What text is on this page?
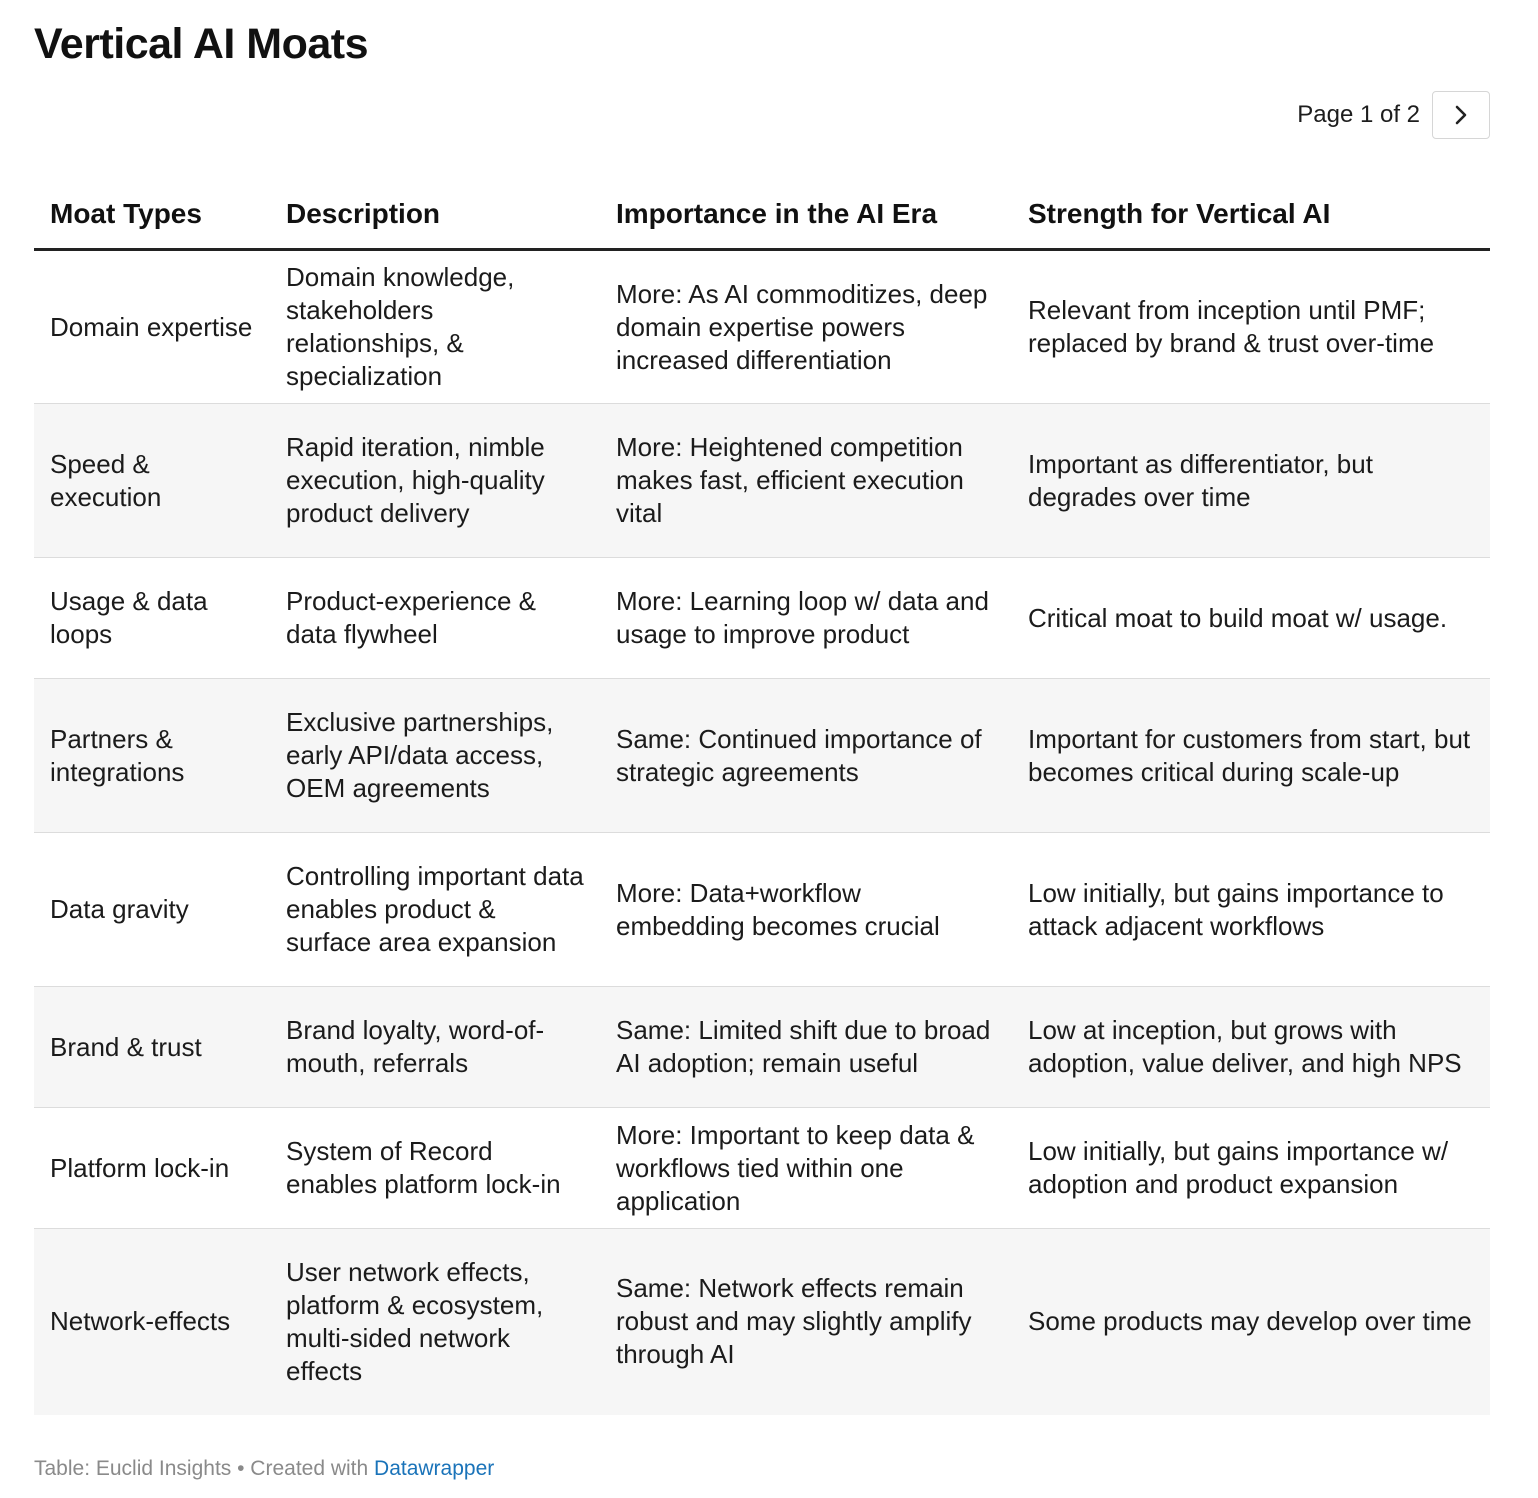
Vertical AI Moats
Page 1 of 2
Moat Types	Description	Importance in the AI Era	Strength for Vertical AI
Domain expertise	Domain knowledge, stakeholders relationships, & specialization	More: As AI commoditizes, deep domain expertise powers increased differentiation	Relevant from inception until PMF; replaced by brand & trust over-time
Speed & execution	Rapid iteration, nimble execution, high-quality product delivery	More: Heightened competition makes fast, efficient execution vital	Important as differentiator, but degrades over time
Usage & data loops	Product-experience & data flywheel	More: Learning loop w/ data and usage to improve product	Critical moat to build moat w/ usage.
Partners & integrations	Exclusive partnerships, early API/data access, OEM agreements	Same: Continued importance of strategic agreements	Important for customers from start, but becomes critical during scale-up
Data gravity	Controlling important data enables product & surface area expansion	More: Data+workflow embedding becomes crucial	Low initially, but gains importance to attack adjacent workflows
Brand & trust	Brand loyalty, word-of-mouth, referrals	Same: Limited shift due to broad AI adoption; remain useful	Low at inception, but grows with adoption, value deliver, and high NPS
Platform lock-in	System of Record enables platform lock-in	More: Important to keep data & workflows tied within one application	Low initially, but gains importance w/ adoption and product expansion
Network-effects	User network effects, platform & ecosystem, multi-sided network effects	Same: Network effects remain robust and may slightly amplify through AI	Some products may develop over time
Table: Euclid Insights • Created with Datawrapper
